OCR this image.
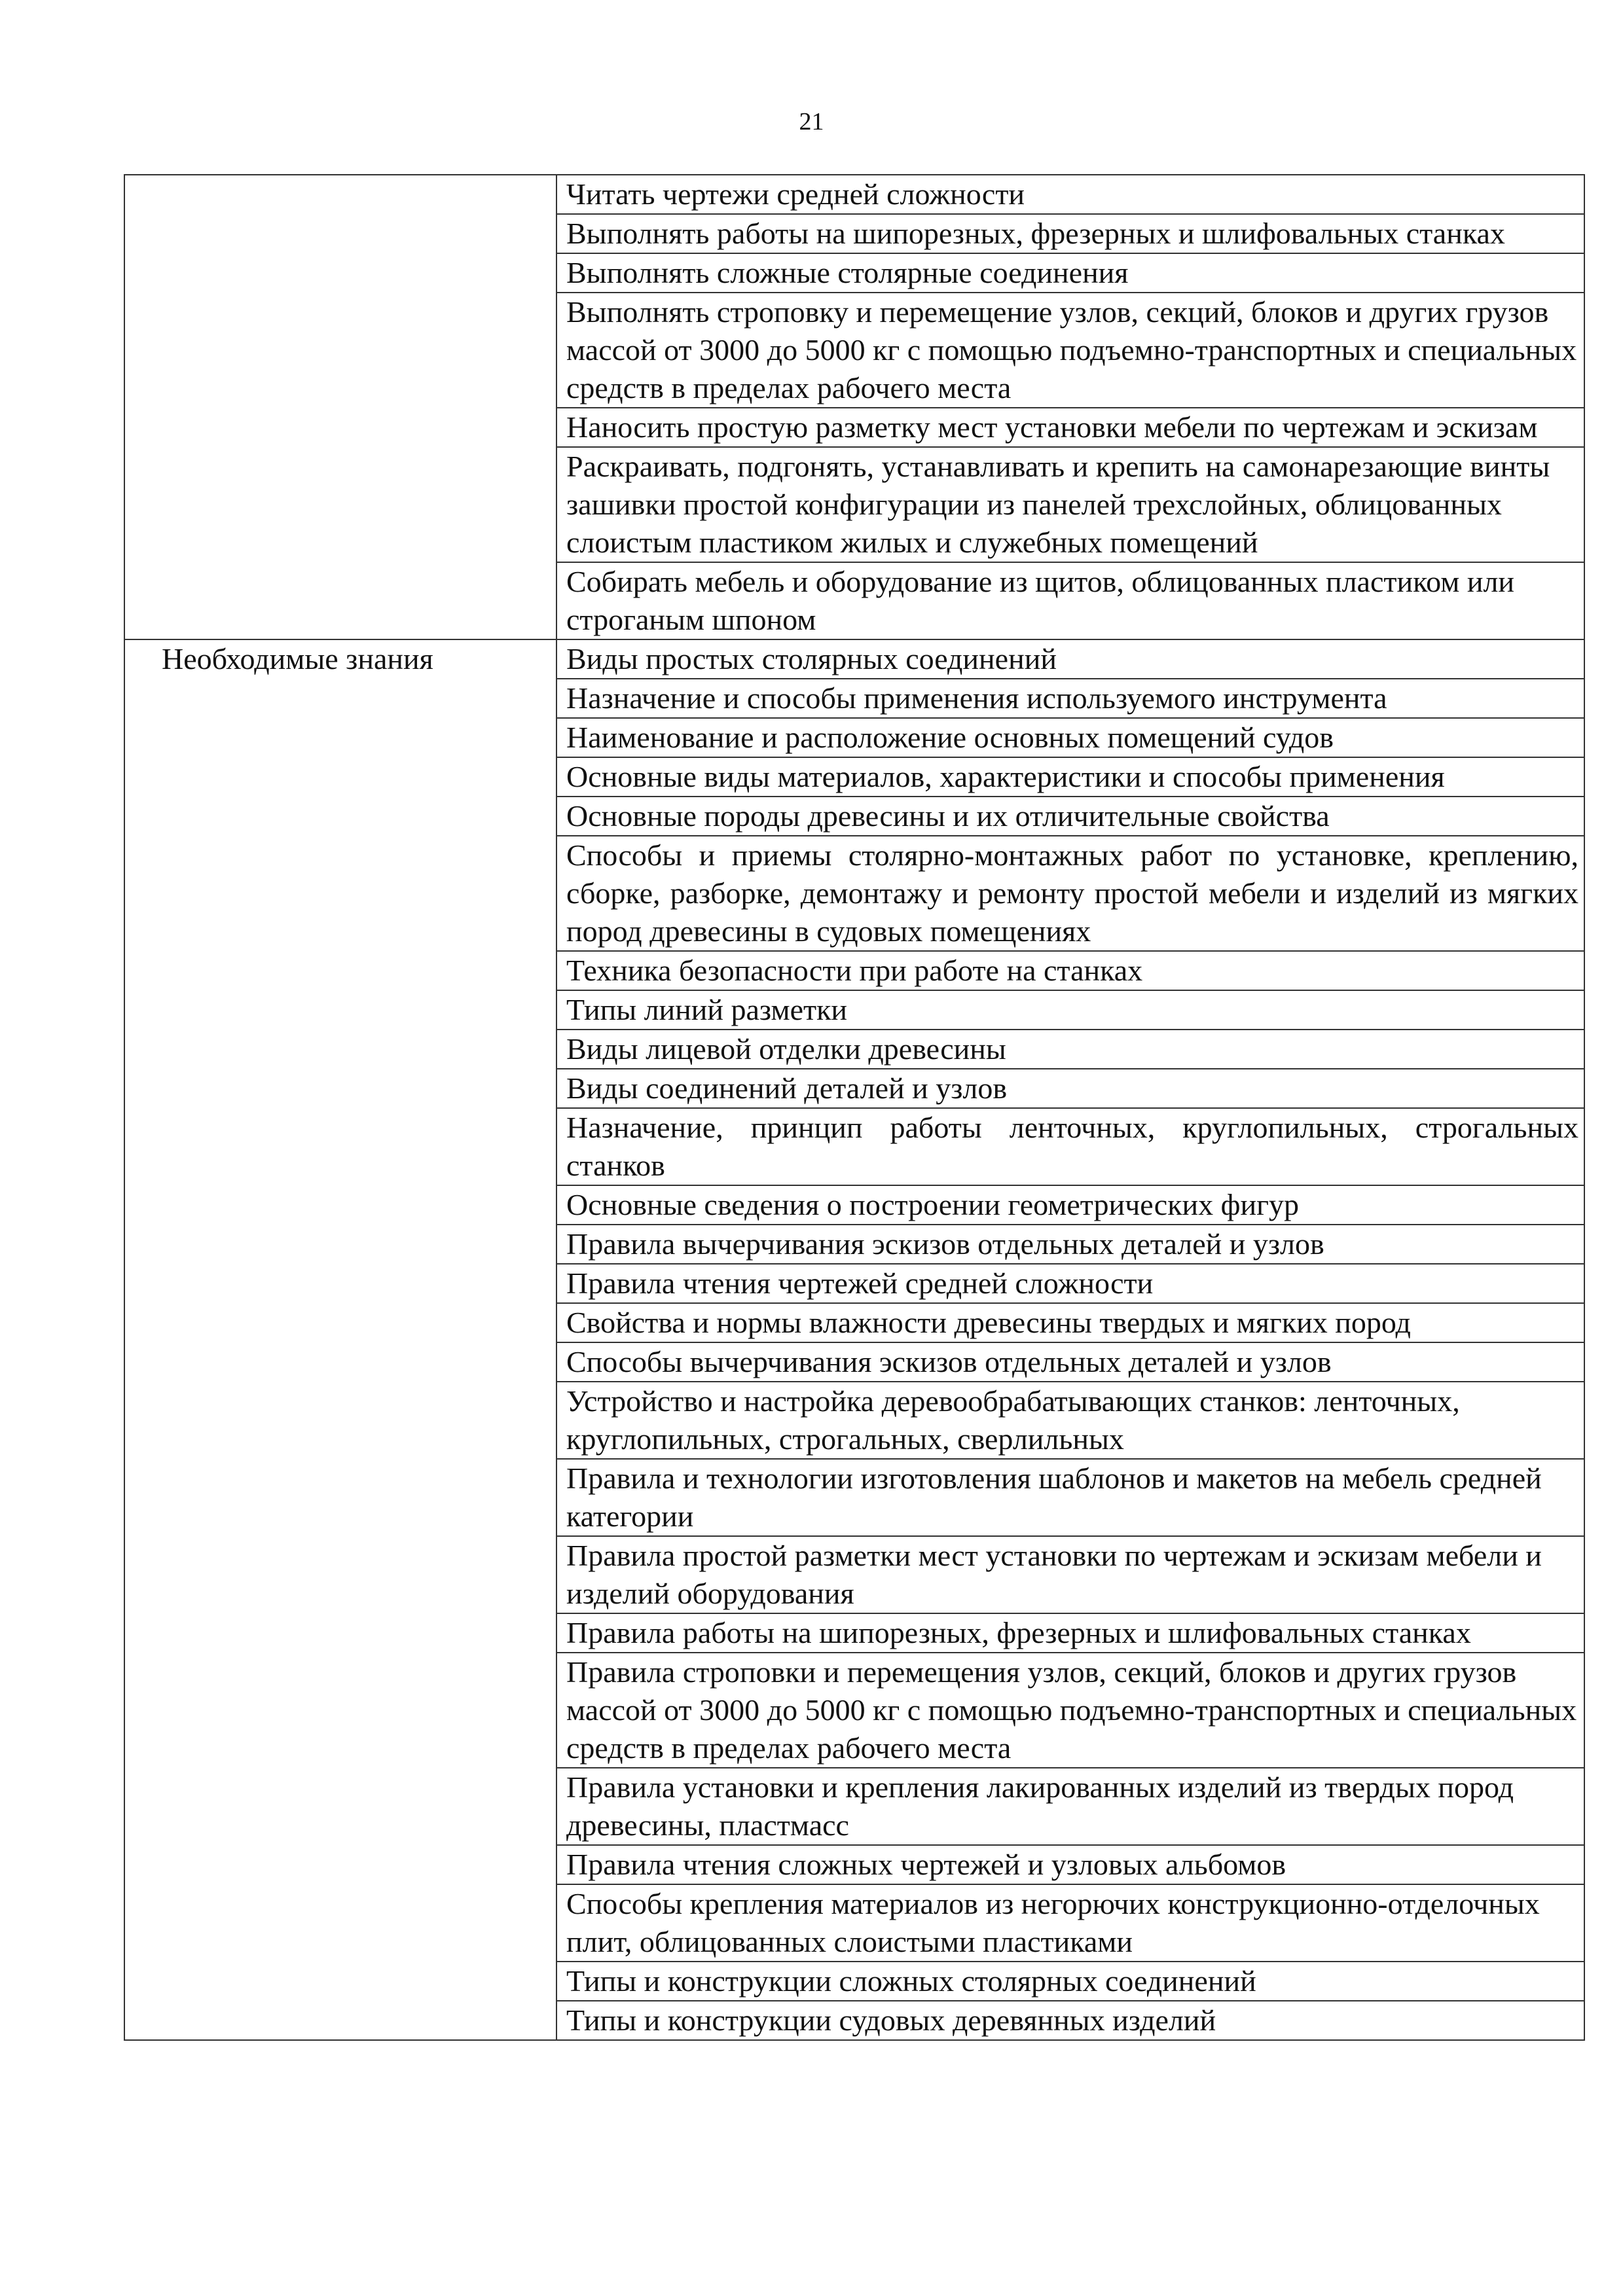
21
	Читать чертежи средней сложности
	Выполнять работы на шипорезных, фрезерных и шлифовальных станках
	Выполнять сложные столярные соединения
	Выполнять строповку и перемещение узлов, секций, блоков и других грузов массой от 3000 до 5000 кг с помощью подъемно-транспортных и специальных средств в пределах рабочего места
	Наносить простую разметку мест установки мебели по чертежам и эскизам
	Раскраивать, подгонять, устанавливать и крепить на самонарезающие винты зашивки простой конфигурации из панелей трехслойных, облицованных слоистым пластиком жилых и служебных помещений
	Собирать мебель и оборудование из щитов, облицованных пластиком или строганым шпоном
Необходимые знания	Виды простых столярных соединений
	Назначение и способы применения используемого инструмента
	Наименование и расположение основных помещений судов
	Основные виды материалов, характеристики и способы применения
	Основные породы древесины и их отличительные свойства
	Способы и приемы столярно-монтажных работ по установке, креплению, сборке, разборке, демонтажу и ремонту простой мебели и изделий из мягких пород древесины в судовых помещениях
	Техника безопасности при работе на станках
	Типы линий разметки
	Виды лицевой отделки древесины
	Виды соединений деталей и узлов
	Назначение, принцип работы ленточных, круглопильных, строгальных станков
	Основные сведения о построении геометрических фигур
	Правила вычерчивания эскизов отдельных деталей и узлов
	Правила чтения чертежей средней сложности
	Свойства и нормы влажности древесины твердых и мягких пород
	Способы вычерчивания эскизов отдельных деталей и узлов
	Устройство и настройка деревообрабатывающих станков: ленточных, круглопильных, строгальных, сверлильных
	Правила и технологии изготовления шаблонов и макетов на мебель средней категории
	Правила простой разметки мест установки по чертежам и эскизам мебели и изделий оборудования
	Правила работы на шипорезных, фрезерных и шлифовальных станках
	Правила строповки и перемещения узлов, секций, блоков и других грузов массой от 3000 до 5000 кг с помощью подъемно-транспортных и специальных средств в пределах рабочего места
	Правила установки и крепления лакированных изделий из твердых пород древесины, пластмасс
	Правила чтения сложных чертежей и узловых альбомов
	Способы крепления материалов из негорючих конструкционно-отделочных плит, облицованных слоистыми пластиками
	Типы и конструкции сложных столярных соединений
	Типы и конструкции судовых деревянных изделий
